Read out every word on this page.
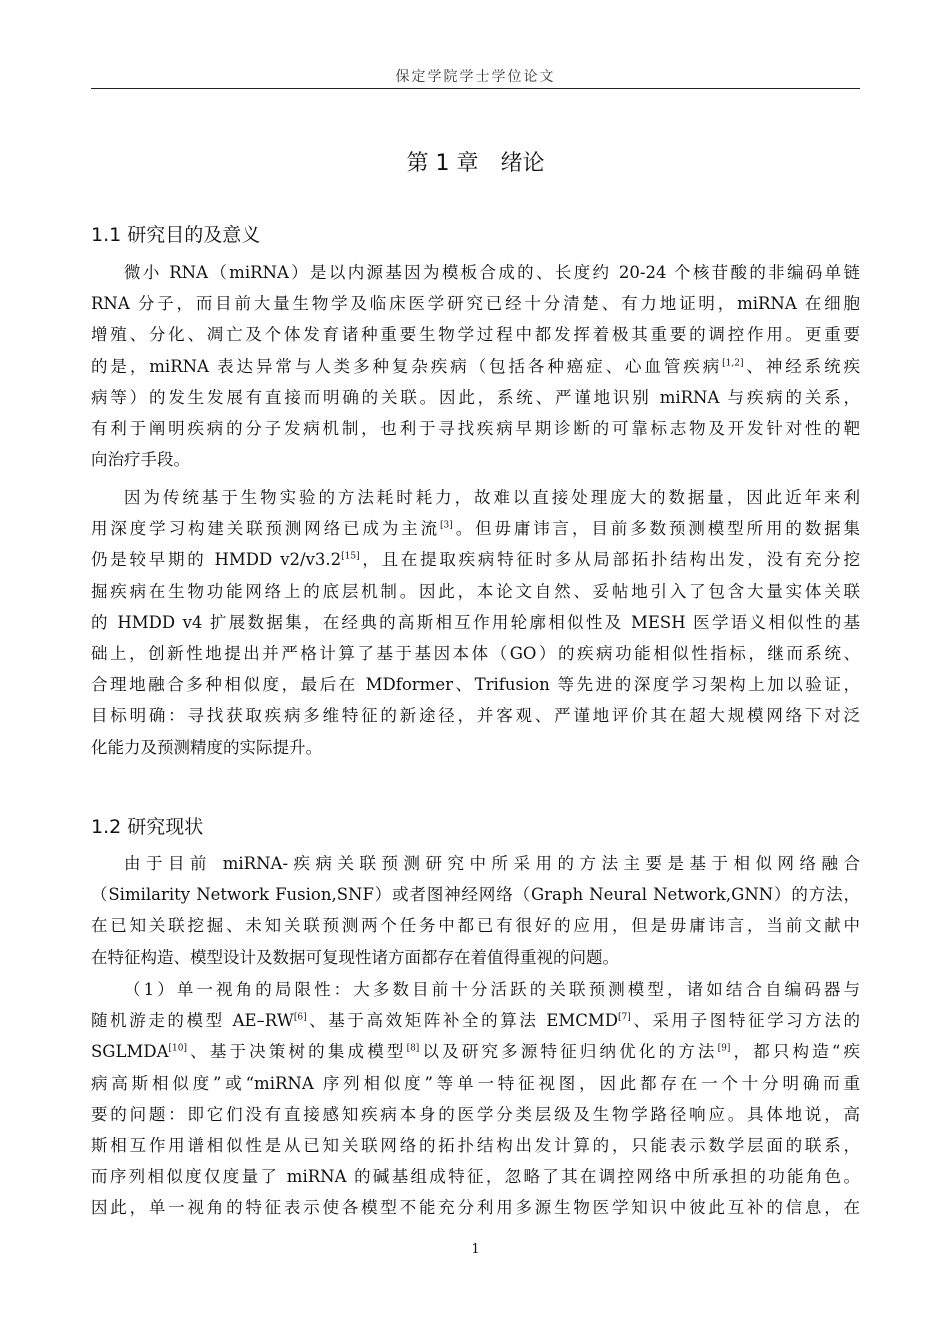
保定学院学士学位论文
第 1 章 绪论
1.1 研究目的及意义
微小 RNA（miRNA）是以内源基因为模板合成的、长度约 20-24 个核苷酸的非编码单链
RNA 分子，而目前大量生物学及临床医学研究已经十分清楚、有力地证明，miRNA 在细胞
增殖、分化、凋亡及个体发育诸种重要生物学过程中都发挥着极其重要的调控作用。更重要
的是，miRNA 表达异常与人类多种复杂疾病（包括各种癌症、心血管疾病[1,2]、神经系统疾
病等）的发生发展有直接而明确的关联。因此，系统、严谨地识别 miRNA 与疾病的关系，
有利于阐明疾病的分子发病机制，也利于寻找疾病早期诊断的可靠标志物及开发针对性的靶
向治疗手段。
因为传统基于生物实验的方法耗时耗力，故难以直接处理庞大的数据量，因此近年来利
用深度学习构建关联预测网络已成为主流[3]。但毋庸讳言，目前多数预测模型所用的数据集
仍是较早期的 HMDD v2/v3.2[15]，且在提取疾病特征时多从局部拓扑结构出发，没有充分挖
掘疾病在生物功能网络上的底层机制。因此，本论文自然、妥帖地引入了包含大量实体关联
的 HMDD v4 扩展数据集，在经典的高斯相互作用轮廓相似性及 MESH 医学语义相似性的基
础上，创新性地提出并严格计算了基于基因本体（GO）的疾病功能相似性指标，继而系统、
合理地融合多种相似度，最后在 MDformer、Trifusion 等先进的深度学习架构上加以验证，
目标明确：寻找获取疾病多维特征的新途径，并客观、严谨地评价其在超大规模网络下对泛
化能力及预测精度的实际提升。
1.2 研究现状
由于目前 miRNA-疾病关联预测研究中所采用的方法主要是基于相似网络融合
（Similarity Network Fusion,SNF）或者图神经网络（Graph Neural Network,GNN）的方法，
在已知关联挖掘、未知关联预测两个任务中都已有很好的应用，但是毋庸讳言，当前文献中
在特征构造、模型设计及数据可复现性诸方面都存在着值得重视的问题。
（1）单一视角的局限性：大多数目前十分活跃的关联预测模型，诸如结合自编码器与
随机游走的模型 AE–RW[6]、基于高效矩阵补全的算法 EMCMD[7]、采用子图特征学习方法的
SGLMDA[10]、基于决策树的集成模型[8]以及研究多源特征归纳优化的方法[9]，都只构造“疾
病高斯相似度”或“miRNA 序列相似度”等单一特征视图，因此都存在一个十分明确而重
要的问题：即它们没有直接感知疾病本身的医学分类层级及生物学路径响应。具体地说，高
斯相互作用谱相似性是从已知关联网络的拓扑结构出发计算的，只能表示数学层面的联系，
而序列相似度仅度量了 miRNA 的碱基组成特征，忽略了其在调控网络中所承担的功能角色。
因此，单一视角的特征表示使各模型不能充分利用多源生物医学知识中彼此互补的信息，在
1
